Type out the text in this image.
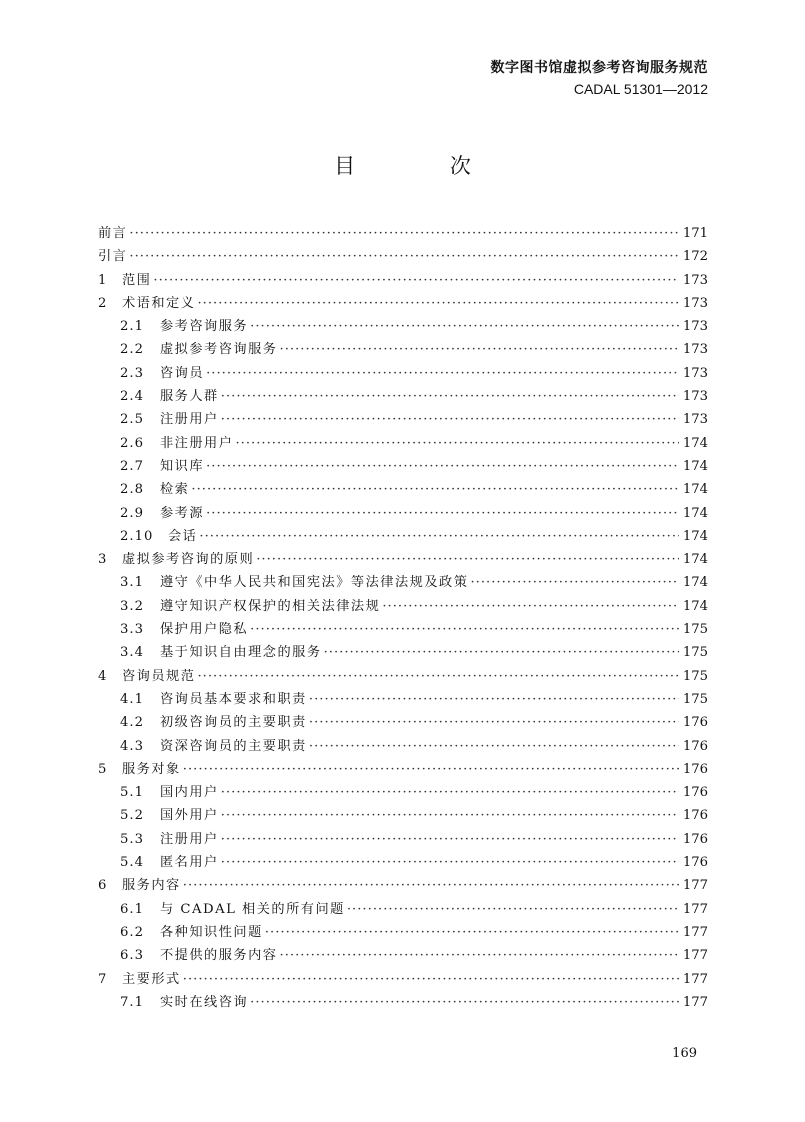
数字图书馆虚拟参考咨询服务规范
CADAL 51301—2012
目 次
前言 ·····	171
引言 ·····	172
1	范围 ·····	173
2	术语和定义 ·····	173
2.1	参考咨询服务 ·····	173
2.2	虚拟参考咨询服务 ·····	173
2.3	咨询员 ·····	173
2.4	服务人群 ·····	173
2.5	注册用户 ·····	173
2.6	非注册用户 ·····	174
2.7	知识库 ·····	174
2.8	检索 ·····	174
2.9	参考源 ·····	174
2.10	会话 ·····	174
3	虚拟参考咨询的原则 ·····	174
3.1	遵守《中华人民共和国宪法》等法律法规及政策 ·····	174
3.2	遵守知识产权保护的相关法律法规 ·····	174
3.3	保护用户隐私 ·····	175
3.4	基于知识自由理念的服务 ·····	175
4	咨询员规范 ·····	175
4.1	咨询员基本要求和职责 ·····	175
4.2	初级咨询员的主要职责 ·····	176
4.3	资深咨询员的主要职责 ·····	176
5	服务对象 ·····	176
5.1	国内用户 ·····	176
5.2	国外用户 ·····	176
5.3	注册用户 ·····	176
5.4	匿名用户 ·····	176
6	服务内容 ·····	177
6.1	与 CADAL 相关的所有问题 ·····	177
6.2	各种知识性问题 ·····	177
6.3	不提供的服务内容 ·····	177
7	主要形式 ·····	177
7.1	实时在线咨询 ·····	177
169
